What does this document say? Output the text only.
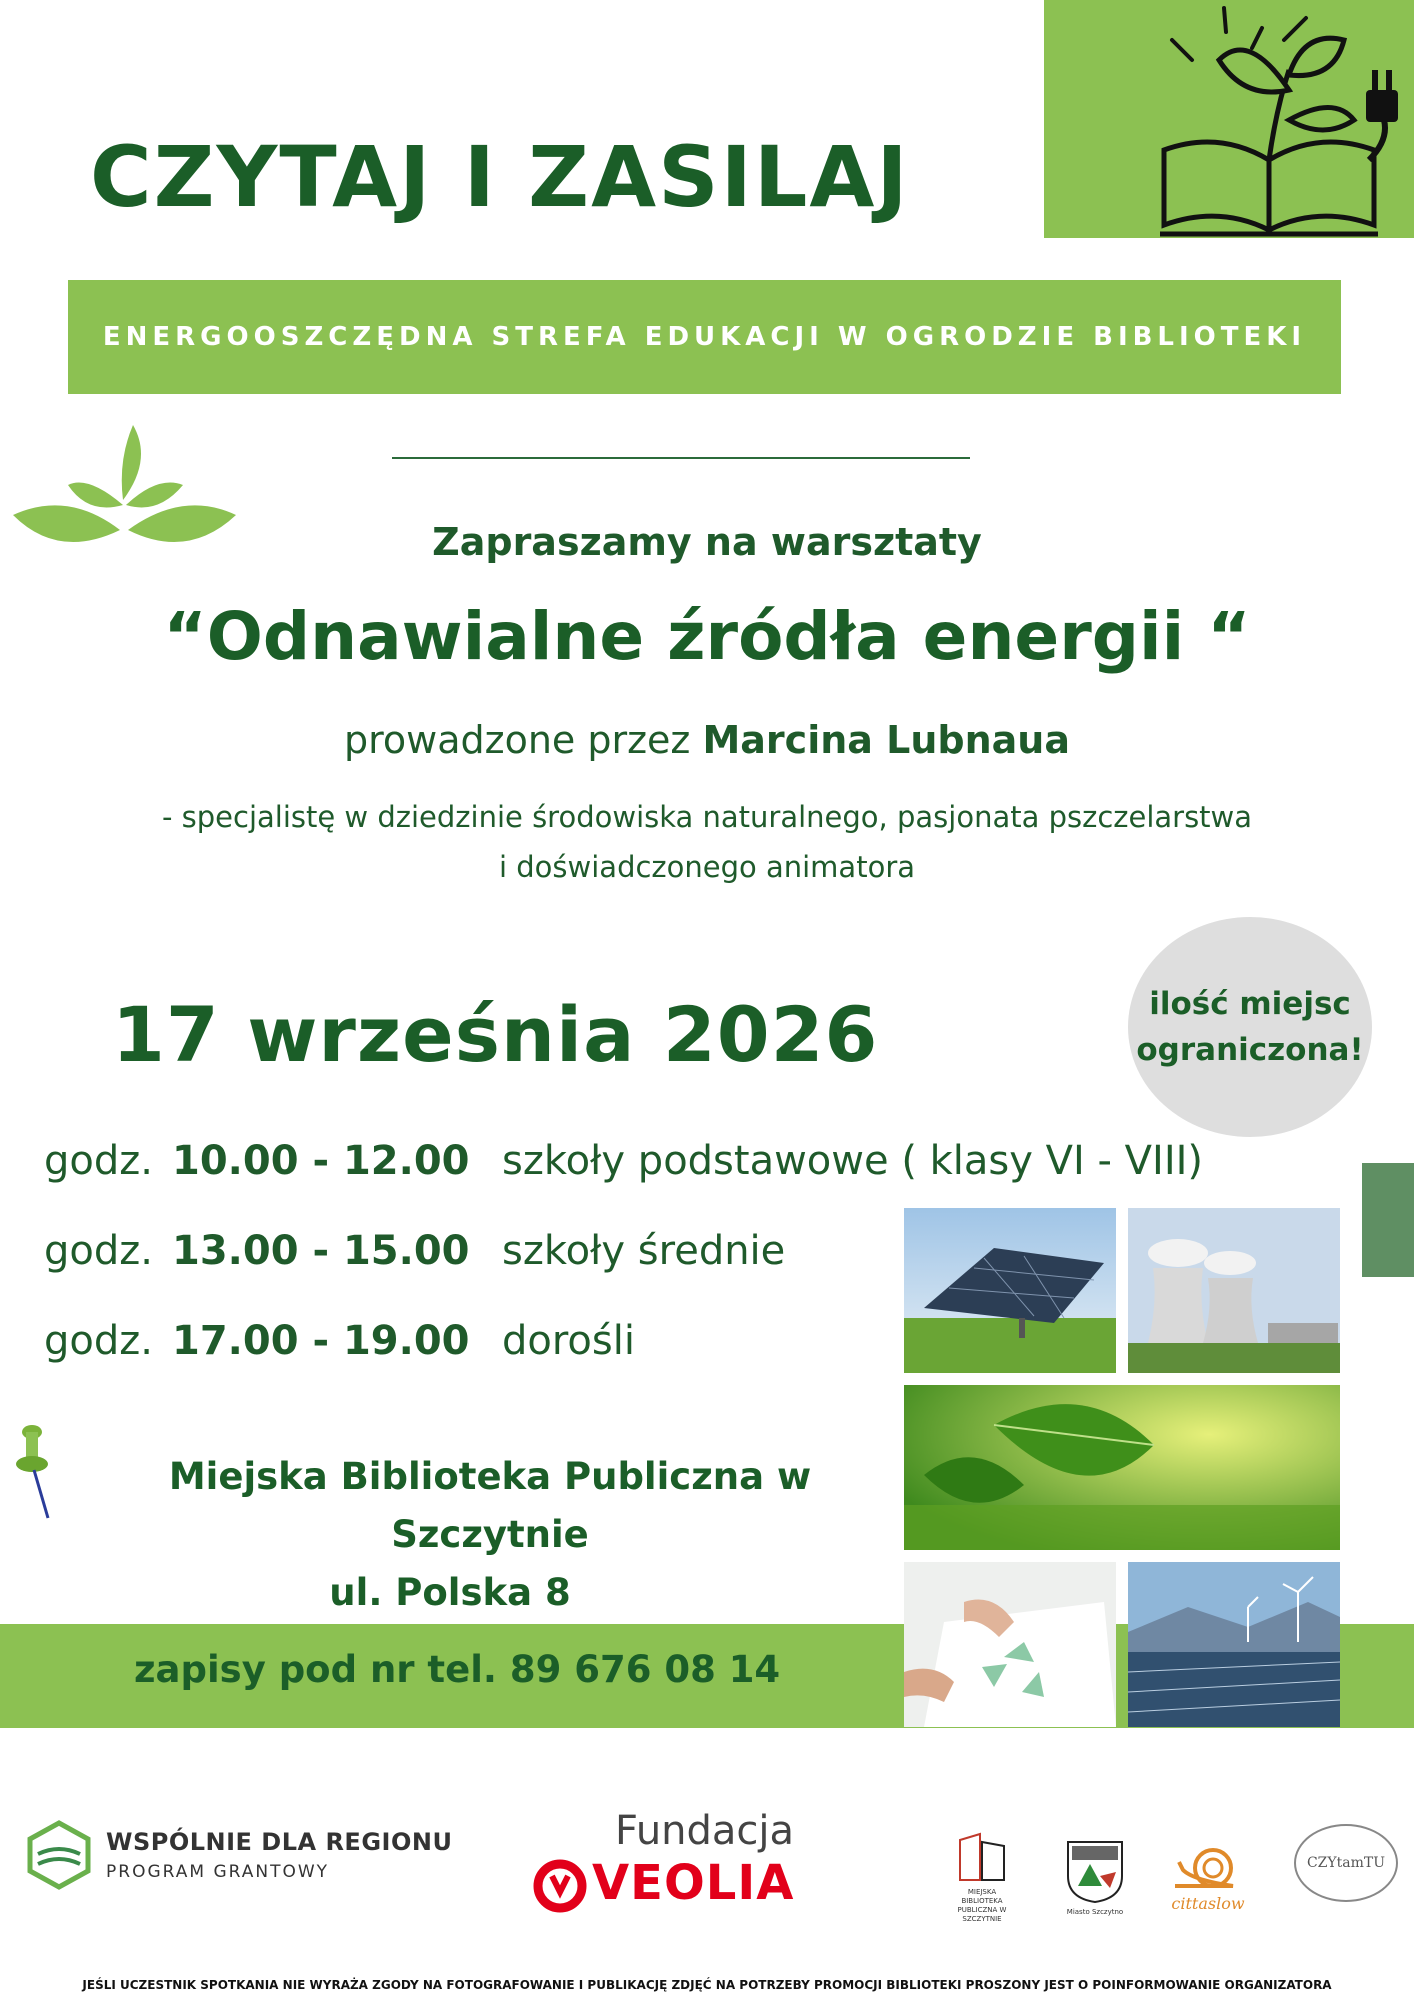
CZYTAJ I ZASILAJ
ENERGOOSZCZĘDNA STREFA EDUKACJI W OGRODZIE BIBLIOTEKI
Zapraszamy na warsztaty
“Odnawialne źródła energii “
prowadzone przez Marcina Lubnaua
- specjalistę w dziedzinie środowiska naturalnego, pasjonata pszczelarstwa
i doświadczonego animatora
ilość miejsc
ograniczona!
17 września 2026
godz. 10.00 - 12.00 szkoły podstawowe ( klasy VI - VIII)
godz. 13.00 - 15.00 szkoły średnie
godz. 17.00 - 19.00 dorośli
zapisy pod nr tel. 89 676 08 14
Miejska Biblioteka Publiczna w Szczytnie
ul. Polska 8
WSPÓLNIE DLA REGIONU
PROGRAM GRANTOWY
Fundacja
VEOLIA	MIEJSKA BIBLIOTEKA PUBLICZNA W SZCZYTNIE
Miasto Szczytno	cittaslow
CZYtamTU
JEŚLI UCZESTNIK SPOTKANIA NIE WYRAŻA ZGODY NA FOTOGRAFOWANIE I PUBLIKACJĘ ZDJĘĆ NA POTRZEBY PROMOCJI BIBLIOTEKI PROSZONY JEST O POINFORMOWANIE ORGANIZATORA
